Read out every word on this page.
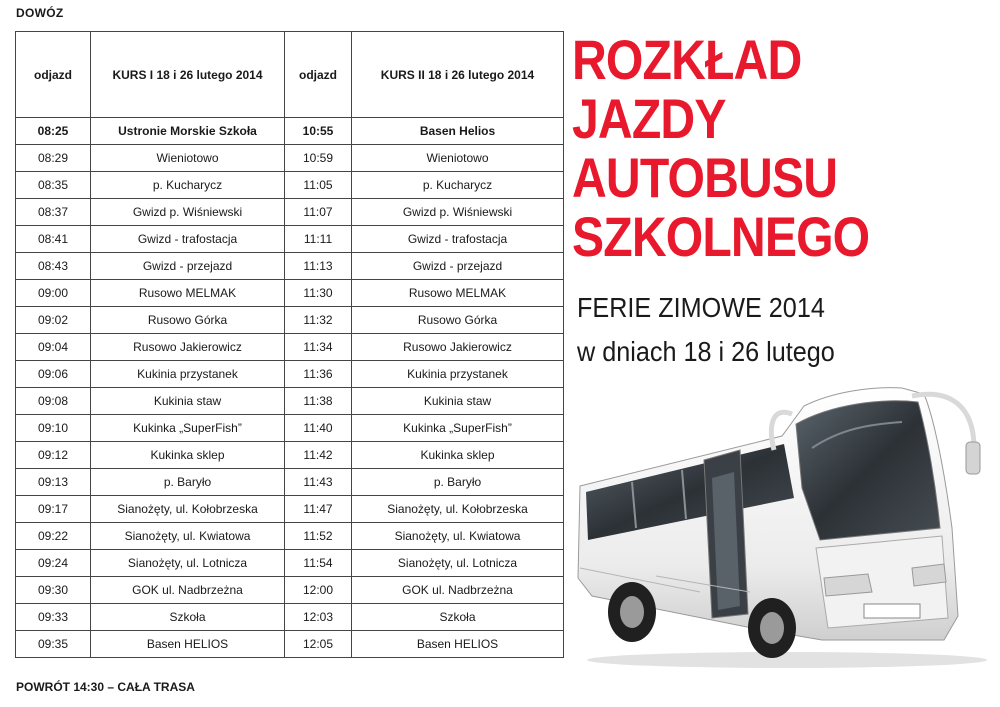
DOWÓZ
odjazd	KURS I 18 i 26 lutego 2014	odjazd	KURS II 18 i 26 lutego 2014
08:25	Ustronie Morskie Szkoła	10:55	Basen Helios
08:29	Wieniotowo	10:59	Wieniotowo
08:35	p. Kucharycz	11:05	p. Kucharycz
08:37	Gwizd p. Wiśniewski	11:07	Gwizd p. Wiśniewski
08:41	Gwizd - trafostacja	11:11	Gwizd - trafostacja
08:43	Gwizd - przejazd	11:13	Gwizd - przejazd
09:00	Rusowo MELMAK	11:30	Rusowo MELMAK
09:02	Rusowo Górka	11:32	Rusowo Górka
09:04	Rusowo Jakierowicz	11:34	Rusowo Jakierowicz
09:06	Kukinia przystanek	11:36	Kukinia przystanek
09:08	Kukinia staw	11:38	Kukinia staw
09:10	Kukinka „SuperFish”	11:40	Kukinka „SuperFish”
09:12	Kukinka sklep	11:42	Kukinka sklep
09:13	p. Baryło	11:43	p. Baryło
09:17	Sianożęty, ul. Kołobrzeska	11:47	Sianożęty, ul. Kołobrzeska
09:22	Sianożęty, ul. Kwiatowa	11:52	Sianożęty, ul. Kwiatowa
09:24	Sianożęty, ul. Lotnicza	11:54	Sianożęty, ul. Lotnicza
09:30	GOK ul. Nadbrzeżna	12:00	GOK ul. Nadbrzeżna
09:33	Szkoła	12:03	Szkoła
09:35	Basen HELIOS	12:05	Basen HELIOS
POWRÓT 14:30 – CAŁA TRASA
ROZKŁAD
JAZDY
AUTOBUSU
SZKOLNEGO
FERIE ZIMOWE 2014
w dniach 18 i 26 lutego
